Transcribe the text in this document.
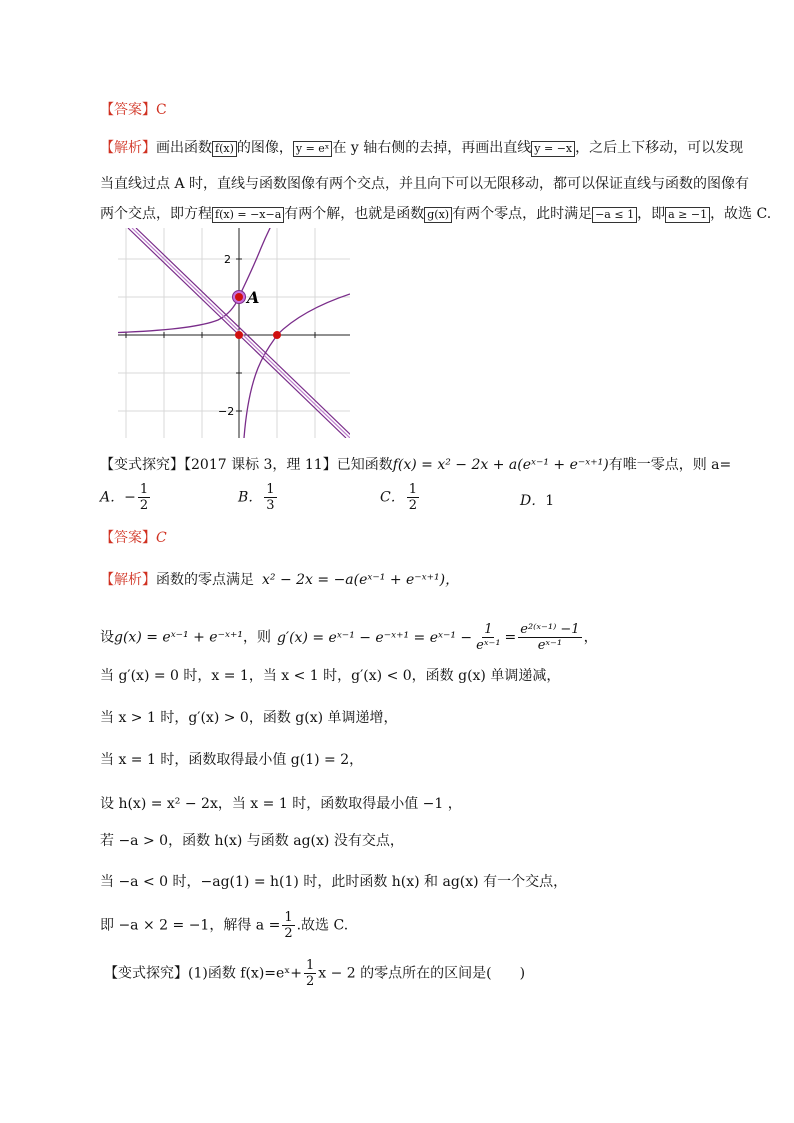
【答案】C
【解析】画出函数 f(x) 的图像， y = eˣ 在 y 轴右侧的去掉，再画出直线 y = −x ，之后上下移动，可以发现
当直线过点 A 时，直线与函数图像有两个交点，并且向下可以无限移动，都可以保证直线与函数的图像有
两个交点，即方程 f(x) = −x−a 有两个解，也就是函数 g(x) 有两个零点，此时满足 −a ≤ 1 ，即 a ≥ −1 ，故选 C.
2
−2
A
【变式探究】【2017 课标 3，理 11】已知函数f(x) = x² − 2x + a(eˣ⁻¹ + e⁻ˣ⁺¹)有唯一零点，则 a=
A．− $\frac{1}{2}$	B． $\frac{1}{3}$	C． $\frac{1}{2}$	D．1
【答案】C
【解析】函数的零点满足 x² − 2x = −a(eˣ⁻¹ + e⁻ˣ⁺¹)，
设g(x) = eˣ⁻¹ + e⁻ˣ⁺¹，则 g′(x) = eˣ⁻¹ − e⁻ˣ⁺¹ = eˣ⁻¹ − $\frac{1}{\text{eˣ⁻¹}} = \frac{\text{e²⁽ˣ⁻¹⁾ −1}}{\text{eˣ⁻¹}}$ ，
当 g′(x) = 0 时，x = 1，当 x < 1 时，g′(x) < 0，函数 g(x) 单调递减，
当 x > 1 时，g′(x) > 0，函数 g(x) 单调递增，
当 x = 1 时，函数取得最小值 g(1) = 2，
设 h(x) = x² − 2x，当 x = 1 时，函数取得最小值 −1 ，
若 −a > 0，函数 h(x) 与函数 ag(x) 没有交点，
当 −a < 0 时，−ag(1) = h(1) 时，此时函数 h(x) 和 ag(x) 有一个交点，
即 −a × 2 = −1，解得 $a = \frac{1}{2}$ .故选 C.
【变式探究】(1)函数 f(x)=eˣ+ $\frac{1}{2}$ x − 2 的零点所在的区间是(　　)
